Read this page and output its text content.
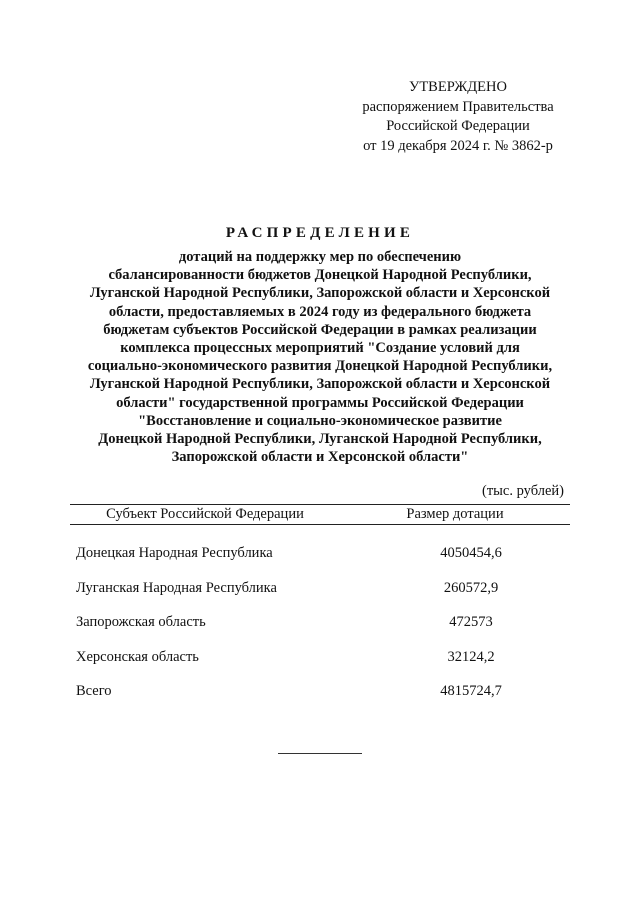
УТВЕРЖДЕНО
распоряжением Правительства
Российской Федерации
от 19 декабря 2024 г. № 3862-р
РАСПРЕДЕЛЕНИЕ
дотаций на поддержку мер по обеспечению
сбалансированности бюджетов Донецкой Народной Республики,
Луганской Народной Республики, Запорожской области и Херсонской
области, предоставляемых в 2024 году из федерального бюджета
бюджетам субъектов Российской Федерации в рамках реализации
комплекса процессных мероприятий "Создание условий для
социально-экономического развития Донецкой Народной Республики,
Луганской Народной Республики, Запорожской области и Херсонской
области" государственной программы Российской Федерации
"Восстановление и социально-экономическое развитие
Донецкой Народной Республики, Луганской Народной Республики,
Запорожской области и Херсонской области"
(тыс. рублей)
Субъект Российской Федерации	Размер дотации
Донецкая Народная Республика	4050454,6
Луганская Народная Республика	260572,9
Запорожская область	472573
Херсонская область	32124,2
Всего	4815724,7
